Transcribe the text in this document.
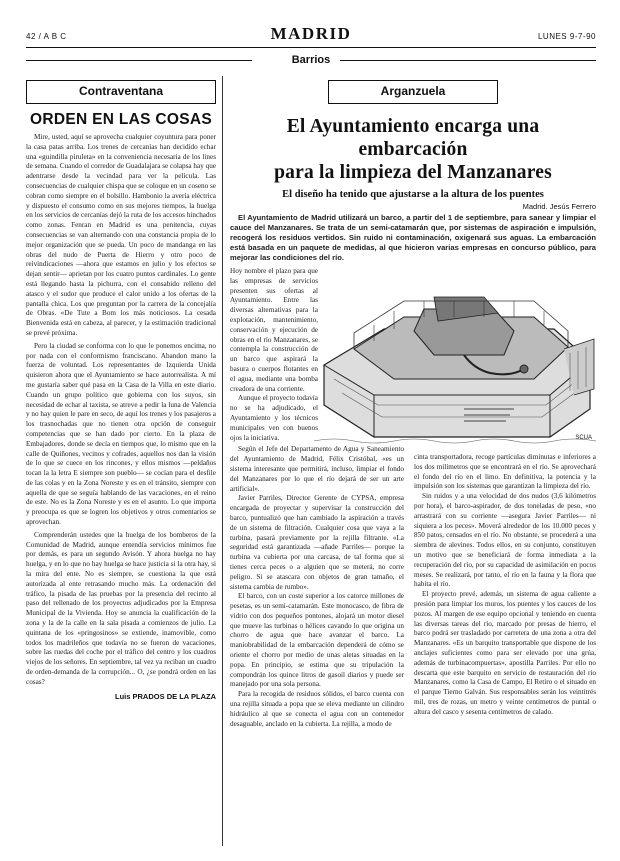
42 / A B C	MADRID	LUNES 9-7-90
Barrios
Contraventana
ORDEN EN LAS COSAS

Mire, usted, aquí se aprovecha cualquier coyuntura para poner la casa patas arriba. Los trenes de cercanías han decidido echar una «guindilla piruleta» en la conveniencia necesaria de los lines de semana. Cuando el corredor de Guadalajara se colapsa hay que adentrarse desde la vecindad para ver la película. Las consecuencias de cualquier chispa que se coloque en un coseno se cobran como siempre en el bolsillo. Hambonio la avería eléctrica y dispuesto el consumo como en sus mejores tiempos, la huelga en los servicios de cercanías dejó la ruta de los accesos hinchados como zonas. Fenran en Madrid es una penitencia, cuyas consecuencias se van alternando con una constancia propia de lo mejor organización que se pueda. Un poco de mandanga en las obras del nudo de Puerta de Hierro y otro poco de reivindicaciones —ahora que estamos en julio y los efectos se dejan sentir— aprietan por los cuatro puntos cardinales. Lo gente está llegando hasta la pichurra, con el consabido relleno del atasco y el sudor que produce el calor unido a los ofertas de la pantalla chica. Los que preguntan por la carrera de la concejalía de Obras. «De Tute a Bom los más noticiosos. La cesada Bienvenida está en cabeza, al parecer, y la estimación tradicional se prevé próxima.

Pero la ciudad se conforma con lo que le ponemos encima, no por nada con el conformismo franciscano. Abandon mano la fuerza de voluntad. Los representantes de Izquierda Unida quisieron ahora que el Ayuntamiento se hace autorrealista. A mí me gustaría saber qué pasa en la Casa de la Villa en este diario. Cuando un grupo político que gobierna con los suyos, sin necesidad de echar al taxista, se atreve a pedir la luna de Valencia y no hay quien le pare en seco, de aquí los trenes y los pasajeros a los trasnochadas que no tienen otra opción de conseguir competencias que se han dado por cierto. En la plaza de Embajadores, donde se decía en tiempos que, lo mismo que en la calle de Quiñones, vecinos y cofrades, aquellos nos dan la visión de lo que se cuece en los rincones, y ellos mismos —peldaños tocan la la letra E siempre son pueblo— se cocían para el desfile de las colas y en la Zona Noreste y es en el tránsito, siempre con aquella de que se seguía hablando de las vacaciones, en el reino de este. No es la Zona Noreste y es en el asunto. Lo que importa y preocupa es que se logren los objetivos y otros comentarios se aprovechan.

Comprenderán ustedes que la huelga de los bomberos de la Comunidad de Madrid, aunque entendía servicios mínimos fue por demás, es para un segundo Avisón. Y ahora huelga no hay huelga, y en lo que no hay huelga se hace justicia si la otra hay, si la mira del ente. No es siempre, se cuestiona la que está autorizada al ente retrasando mucho más. La ordenación del tráfico, la pisada de las pruebas por la presencia del recinto al paso del rellenado de los proyectos adjudicados por la Empresa Municipal de la Vivienda. Hoy se anuncia la cualificación de la zona y la de la calle en la sala pisada a comienzos de julio. La quintana de los «pringosinos» se extiende, inamovible, como todos los madrileños que todavía no se fueron de vacaciones, sobre las ruedas del coche por el tráfico del centro y los cuadros viejos de los señores. En septiembre, tal vez ya reciban un cuadro de orden-demanda de la corrupción... O, ¿se pondrá orden en las cosas?

Luis PRADOS DE LA PLAZA
Arganzuela
El Ayuntamiento encarga una embarcación
para la limpieza del Manzanares
El diseño ha tenido que ajustarse a la altura de los puentes
Madrid. Jesús Ferrero

El Ayuntamiento de Madrid utilizará un barco, a partir del 1 de septiembre, para sanear y limpiar el cauce del Manzanares. Se trata de un semi-catamarán que, por sistemas de aspiración e impulsión, recogerá los residuos vertidos. Sin ruido ni contaminación, oxigenará sus aguas. La embarcación está basada en un paquete de medidas, al que hicieron varias empresas en concurso público, para mejorar las condiciones del río.

SCUA

Hoy nombre el plazo para que las empresas de servicios presenten sus ofertas al Ayuntamiento. Entre las diversas alternativas para la explotación, mantenimiento, conservación y ejecución de obras en el río Manzanares, se contempla la construcción de un barco que aspirará la basura o cuerpos flotantes en el agua, mediante una bomba creadora de una corriente.

Aunque el proyecto todavía no se ha adjudicado, el Ayuntamiento y los técnicos municipales ven con buenos ojos la iniciativa.

Según el Jefe del Departamento de Agua y Saneamiento del Ayuntamiento de Madrid, Félix Cristóbal, «es un sistema interesante que permitirá, incluso, limpiar el fondo del Manzanares por lo que el río dejará de ser un arte artificial».

Javier Parriles, Director Gerente de CYPSA, empresa encargada de proyectar y supervisar la construcción del barco, puntualizó que han cambiado la aspiración a través de un sistema de filtración. Cualquier cosa que vaya a la turbina, pasará previamente por la rejilla filtrante. «La seguridad está garantizada —añade Parriles— porque la turbina va cubierta por una carcasa, de tal forma que si tienes cerca peces o a alguien que se meterá, no corre peligro. Si se atascara con objetos de gran tamaño, el sistema cambia de rumbo».

El barco, con un coste superior a los catorce millones de pesetas, es un semi-catamarán. Este monocasco, de fibra de vidrio con dos pequeños pontones, alojará un motor diesel que mueve las turbinas o hélices cavando lo que origina un chorro de agua que hace avanzar el barco. La maniobrabilidad de la embarcación dependerá de cómo se oriente el chorro por medio de unas aletas situadas en la popa. En principio, se estima que su tripulación la compondrán los quince litros de gasoil diarios y puede ser manejado por una sola persona.

Para la recogida de residuos sólidos, el barco cuenta con una rejilla situada a popa que se eleva mediante un cilindro hidráulico al que se conecta el agua con un contenedor desaguable, anclado en la cubierta. La rejilla, a modo de

cinta transportadora, recoge partículas diminutas e inferiores a los dos milímetros que se encontrará en el río. Se aprovechará el fondo del río en el limo. En definitiva, la potencia y la impulsión son los sistemas que garantizan la limpieza del río.

Sin ruidos y a una velocidad de dos nudos (3,6 kilómetros por hora), el barco-aspirador, de dos toneladas de peso, «no arrastrará con su corriente —asegura Javier Parriles— ni siquiera a los peces». Moverá alrededor de los 10.000 peces y 850 patos, censados en el río. No obstante, se procederá a una siembra de alevines. Todos ellos, en su conjunto, constituyen un motivo que se beneficiará de forma inmediata a la recuperación del río, por su capacidad de asimilación en pocos meses. Se realizará, por tanto, el río en la fauna y la flora que habita el río.

El proyecto prevé, además, un sistema de agua caliente a presión para limpiar los muros, los puentes y los cauces de los pozos. Al margen de ese equipo opcional y teniendo en cuenta las diversas tareas del río, marcado por presas de hierro, el barco podrá ser trasladado por carretera de una zona a otra del Manzanares. «Es un barquito transportable que dispone de los anclajes suficientes como para ser elevado por una grúa, además de turbinacompuertas», apostilla Parriles. Por ello no descarta que este barquito en servicio de restauración del río Manzanares, como la Casa de Campo, El Retiro o el situado en el parque Tierno Galván. Sus responsables serán los veintitrés mil, tres de rozas, un metro y veinte centímetros de puntal o altura del casco y sesenta centímetros de calado.
